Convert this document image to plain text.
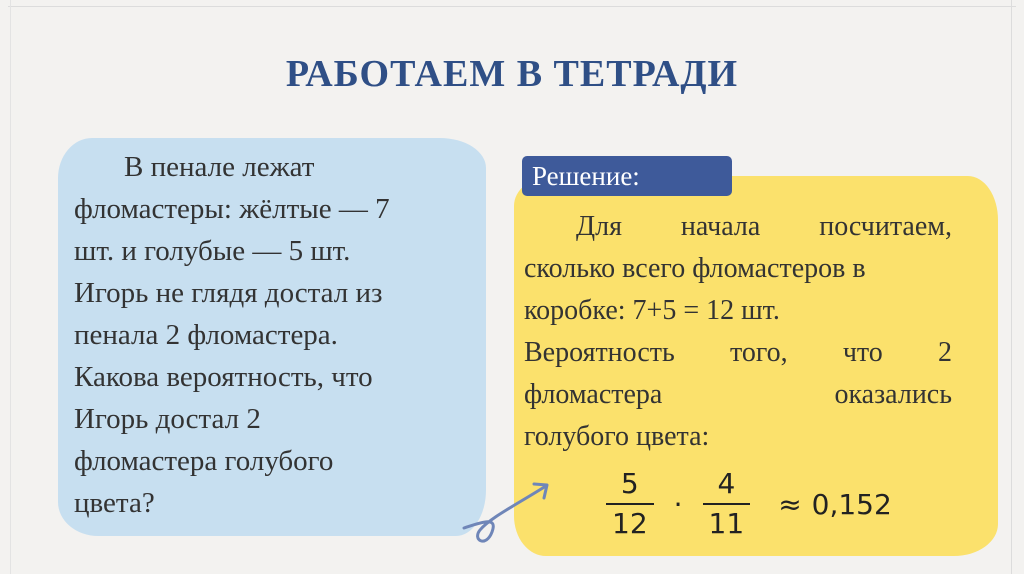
РАБОТАЕМ В ТЕТРАДИ
В пенале лежат
фломастеры: жёлтые — 7
шт. и голубые — 5 шт.
Игорь не глядя достал из
пенала 2 фломастера.
Какова вероятность, что
Игорь достал 2
фломастера голубого
цвета?
Решение:
Для начала посчитаем,
сколько всего фломастеров в
коробке: 7+5 = 12 шт.
Вероятность того, что 2
фломастера	оказались
голубого цвета:
$\frac{5}{12} \cdot \frac{4}{11} \approx 0,152$
